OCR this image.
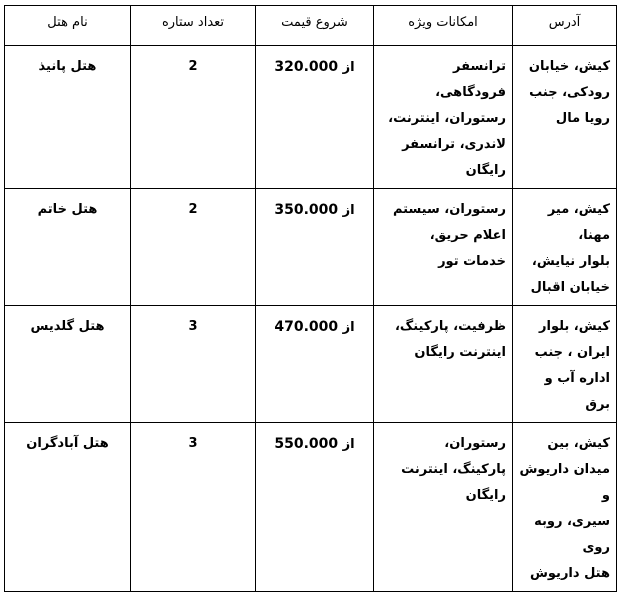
آدرس	امکانات ویژه	شروع قیمت	تعداد ستاره	نام هتل

کیش، خیابان
رودکی، جنب
رویا مال	ترانسفر فرودگاهی،
رستوران، اینترنت،
لاندری، ترانسفر
رایگان	از 320.000	2	هتل پانیذ

کیش، میر مهنا،
بلوار نیایش،
خیابان اقبال	رستوران، سیستم
اعلام حریق،
خدمات تور	از 350.000	2	هتل خاتم

کیش، بلوار
ایران ، جنب
اداره آب و برق	ظرفیت، پارکینگ،
اینترنت رایگان	از 470.000	3	هتل گلدیس

کیش، بین
میدان داریوش و
سیری، روبه روی
هتل داریوش	رستوران،
پارکینگ، اینترنت
رایگان	از 550.000	3	هتل آبادگران
